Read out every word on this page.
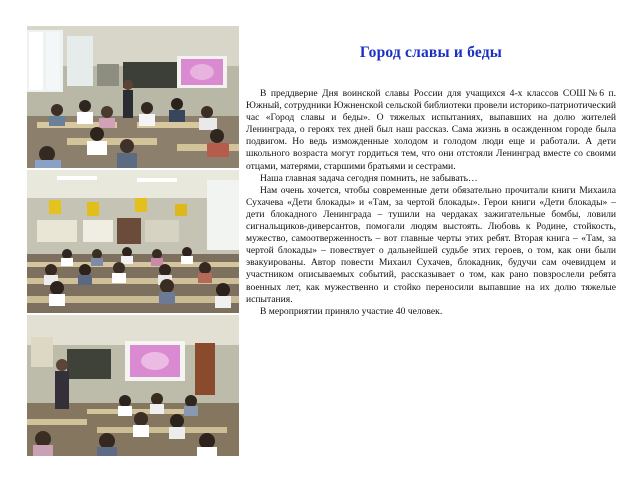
Город славы и беды

В преддверие Дня воинской славы России для учащихся 4-х классов СОШ№6 п. Южный, сотрудники Южненской сельской библиотеки провели историко-патриотический час «Город славы и беды». О тяжелых испытаниях, выпавших на долю жителей Ленинграда, о героях тех дней был наш рассказ. Сама жизнь в осажденном городе была подвигом. Но ведь изможденные холодом и голодом люди еще и работали. А дети школьного возраста могут гордиться тем, что они отстояли Ленинград вместе со своими отцами, матерями, старшими братьями и сестрами.

Наша главная задача сегодня помнить, не забывать…

Нам очень хочется, чтобы современные дети обязательно прочитали книги Михаила Сухачева «Дети блокады» и «Там, за чертой блокады». Герои книги «Дети блокады» – дети блокадного Ленинграда – тушили на чердаках зажигательные бомбы, ловили сигнальщиков-диверсантов, помогали людям выстоять. Любовь к Родине, стойкость, мужество, самоотверженность – вот главные черты этих ребят. Вторая книга – «Там, за чертой блокады» – повествует о дальнейшей судьбе этих героев, о том, как они были эвакуированы. Автор повести Михаил Сухачев, блокадник, будучи сам очевидцем и участником описываемых событий, рассказывает о том, как рано повзрослели ребята военных лет, как мужественно и стойко переносили выпавшие на их долю тяжелые испытания.

В мероприятии приняло участие 40 человек.
